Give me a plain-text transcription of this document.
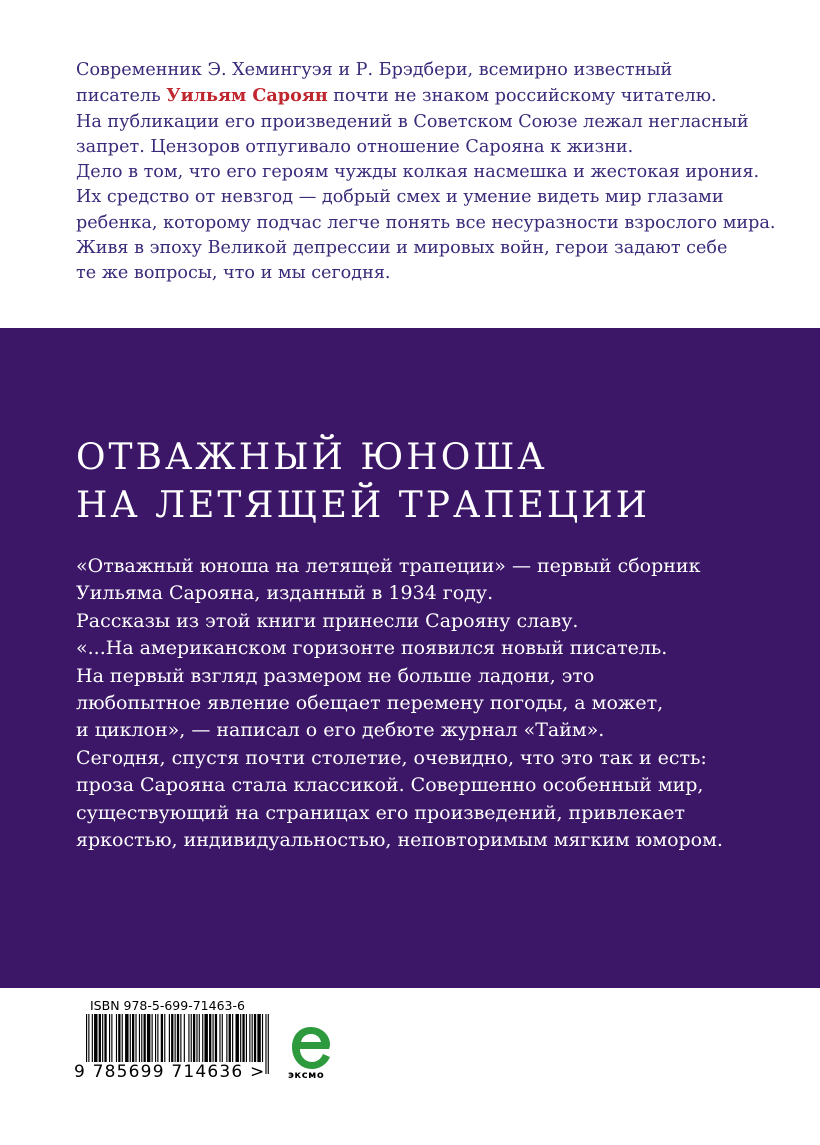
Современник Э. Хемингуэя и Р. Брэдбери, всемирно известный
писатель Уильям Сароян почти не знаком российскому читателю.
На публикации его произведений в Советском Союзе лежал негласный
запрет. Цензоров отпугивало отношение Сарояна к жизни.
Дело в том, что его героям чужды колкая насмешка и жестокая ирония.
Их средство от невзгод — добрый смех и умение видеть мир глазами
ребенка, которому подчас легче понять все несуразности взрослого мира.
Живя в эпоху Великой депрессии и мировых войн, герои задают себе
те же вопросы, что и мы сегодня.
ОТВАЖНЫЙ ЮНОША
НА ЛЕТЯЩЕЙ ТРАПЕЦИИ
«Отважный юноша на летящей трапеции» — первый сборник
Уильяма Сарояна, изданный в 1934 году.
Рассказы из этой книги принесли Сарояну славу.
«...На американском горизонте появился новый писатель.
На первый взгляд размером не больше ладони, это
любопытное явление обещает перемену погоды, а может,
и циклон», — написал о его дебюте журнал «Тайм».
Сегодня, спустя почти столетие, очевидно, что это так и есть:
проза Сарояна стала классикой. Совершенно особенный мир,
существующий на страницах его произведений, привлекает
яркостью, индивидуальностью, неповторимым мягким юмором.
ISBN 978-5-699-71463-6
9 785699 714636 > эксмо
